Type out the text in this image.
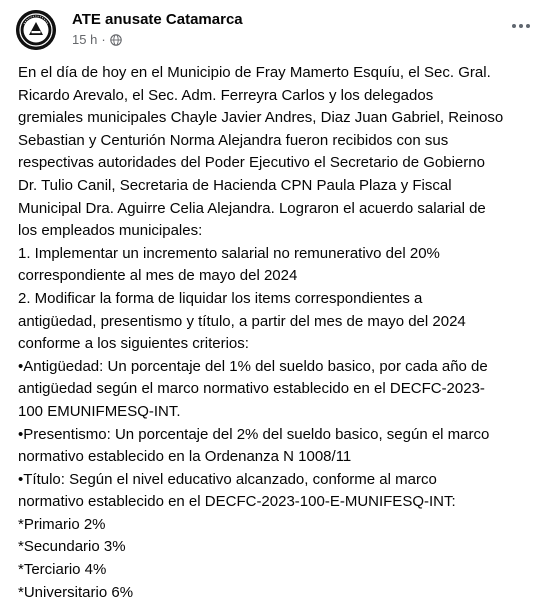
ATE anusate Catamarca
15 h ·

En el día de hoy en el Municipio de Fray Mamerto Esquíu, el Sec. Gral.

Ricardo Arevalo, el Sec. Adm. Ferreyra Carlos y los delegados

gremiales municipales Chayle Javier Andres, Diaz Juan Gabriel, Reinoso

Sebastian y Centurión Norma Alejandra fueron recibidos con sus

respectivas autoridades del Poder Ejecutivo el Secretario de Gobierno

Dr. Tulio Canil, Secretaria de Hacienda CPN Paula Plaza y Fiscal

Municipal Dra. Aguirre Celia Alejandra. Lograron el acuerdo salarial de

los empleados municipales:

1. Implementar un incremento salarial no remunerativo del 20%

correspondiente al mes de mayo del 2024

2. Modificar la forma de liquidar los items correspondientes a

antigüedad, presentismo y título, a partir del mes de mayo del 2024

conforme a los siguientes criterios:

•Antigüedad: Un porcentaje del 1% del sueldo basico, por cada año de

antigüedad según el marco normativo establecido en el DECFC-2023-

100 EMUNIFMESQ-INT.

•Presentismo: Un porcentaje del 2% del sueldo basico, según el marco

normativo establecido en la Ordenanza N 1008/11

•Título: Según el nivel educativo alcanzado, conforme al marco

normativo establecido en el DECFC-2023-100-E-MUNIFESQ-INT:

*Primario 2%

*Secundario 3%

*Terciario 4%

*Universitario 6%
